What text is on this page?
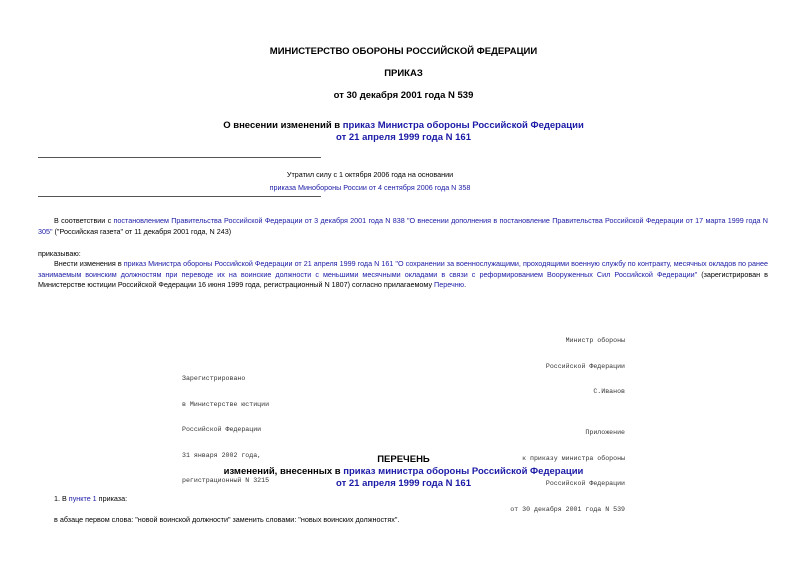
МИНИСТЕРСТВО ОБОРОНЫ РОССИЙСКОЙ ФЕДЕРАЦИИ
ПРИКАЗ
от 30 декабря 2001 года N 539
О внесении изменений в приказ Министра обороны Российской Федерации
от 21 апреля 1999 года N 161
Утратил силу с 1 октября 2006 года на основании
приказа Минобороны России от 4 сентября 2006 года N 358
В соответствии с постановлением Правительства Российской Федерации от 3 декабря 2001 года N 838 "О внесении дополнения в постановление Правительства Российской Федерации от 17 марта 1999 года N 305" ("Российская газета" от 11 декабря 2001 года, N 243)
приказываю:
Внести изменения в приказ Министра обороны Российской Федерации от 21 апреля 1999 года N 161 "О сохранении за военнослужащими, проходящими военную службу по контракту, месячных окладов по ранее занимаемым воинским должностям при переводе их на воинские должности с меньшими месячными окладами в связи с реформированием Вооруженных Сил Российской Федерации" (зарегистрирован в Министерстве юстиции Российской Федерации 16 июня 1999 года, регистрационный N 1807) согласно прилагаемому Перечню.

Министр обороны

Российской Федерации

С.Иванов

Зарегистрировано

в Министерстве юстиции

Российской Федерации

31 января 2002 года,

регистрационный N 3215

Приложение

к приказу министра обороны

Российской Федерации

от 30 декабря 2001 года N 539

ПЕРЕЧЕНЬ
изменений, внесенных в приказ министра обороны Российской Федерации
от 21 апреля 1999 года N 161
1. В пункте 1 приказа:
в абзаце первом слова: "новой воинской должности" заменить словами: "новых воинских должностях".
